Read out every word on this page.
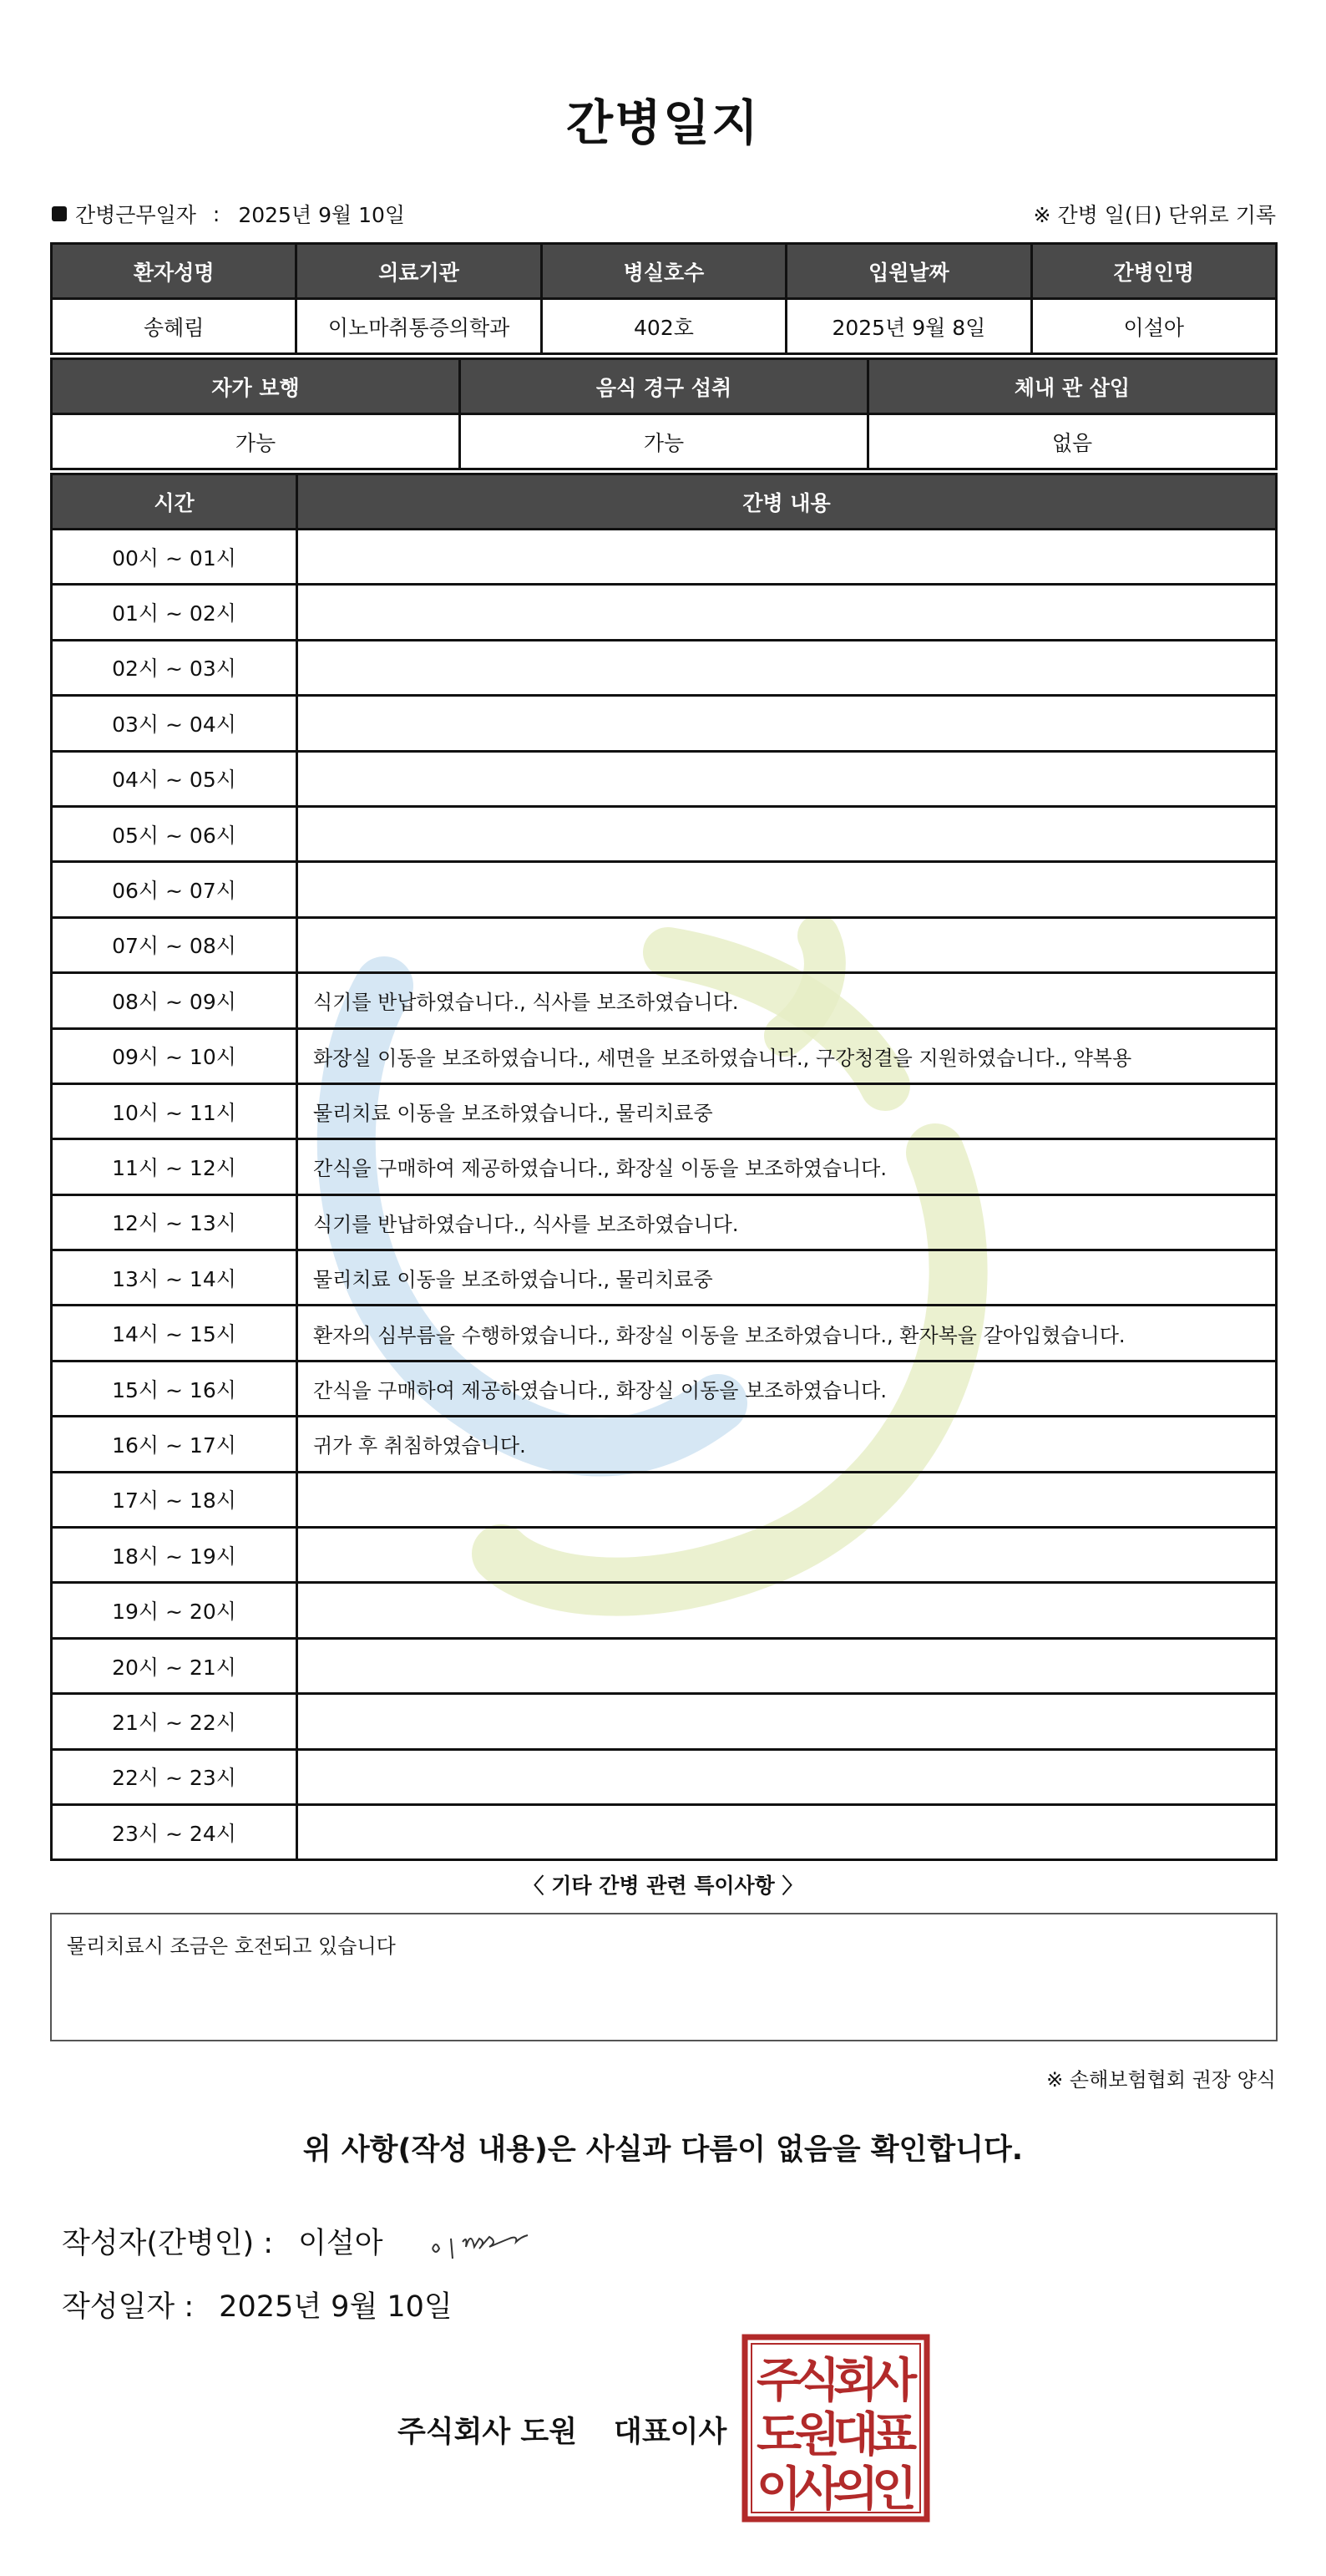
간병일지
간병근무일자 : 2025년 9월 10일	※ 간병 일(日) 단위로 기록
환자성명	의료기관	병실호수	입원날짜	간병인명
송혜림	이노마취통증의학과	402호	2025년 9월 8일	이설아
자가 보행	음식 경구 섭취	체내 관 삽입
가능	가능	없음
시간	간병 내용
00시 ~ 01시	
01시 ~ 02시	
02시 ~ 03시	
03시 ~ 04시	
04시 ~ 05시	
05시 ~ 06시	
06시 ~ 07시	
07시 ~ 08시	
08시 ~ 09시	식기를 반납하였습니다., 식사를 보조하였습니다.
09시 ~ 10시	화장실 이동을 보조하였습니다., 세면을 보조하였습니다., 구강청결을 지원하였습니다., 약복용
10시 ~ 11시	물리치료 이동을 보조하였습니다., 물리치료중
11시 ~ 12시	간식을 구매하여 제공하였습니다., 화장실 이동을 보조하였습니다.
12시 ~ 13시	식기를 반납하였습니다., 식사를 보조하였습니다.
13시 ~ 14시	물리치료 이동을 보조하였습니다., 물리치료중
14시 ~ 15시	환자의 심부름을 수행하였습니다., 화장실 이동을 보조하였습니다., 환자복을 갈아입혔습니다.
15시 ~ 16시	간식을 구매하여 제공하였습니다., 화장실 이동을 보조하였습니다.
16시 ~ 17시	귀가 후 취침하였습니다.
17시 ~ 18시	
18시 ~ 19시	
19시 ~ 20시	
20시 ~ 21시	
21시 ~ 22시	
22시 ~ 23시	
23시 ~ 24시	
〈 기타 간병 관련 특이사항 〉
물리치료시 조금은 호전되고 있습니다
※ 손해보험협회 권장 양식
위 사항(작성 내용)은 사실과 다름이 없음을 확인합니다.
작성자(간병인) : 이설아
작성일자 : 2025년 9월 10일
주식회사 도원 대표이사
주
식
회
사
도
원
대
표
이
사
의
인
